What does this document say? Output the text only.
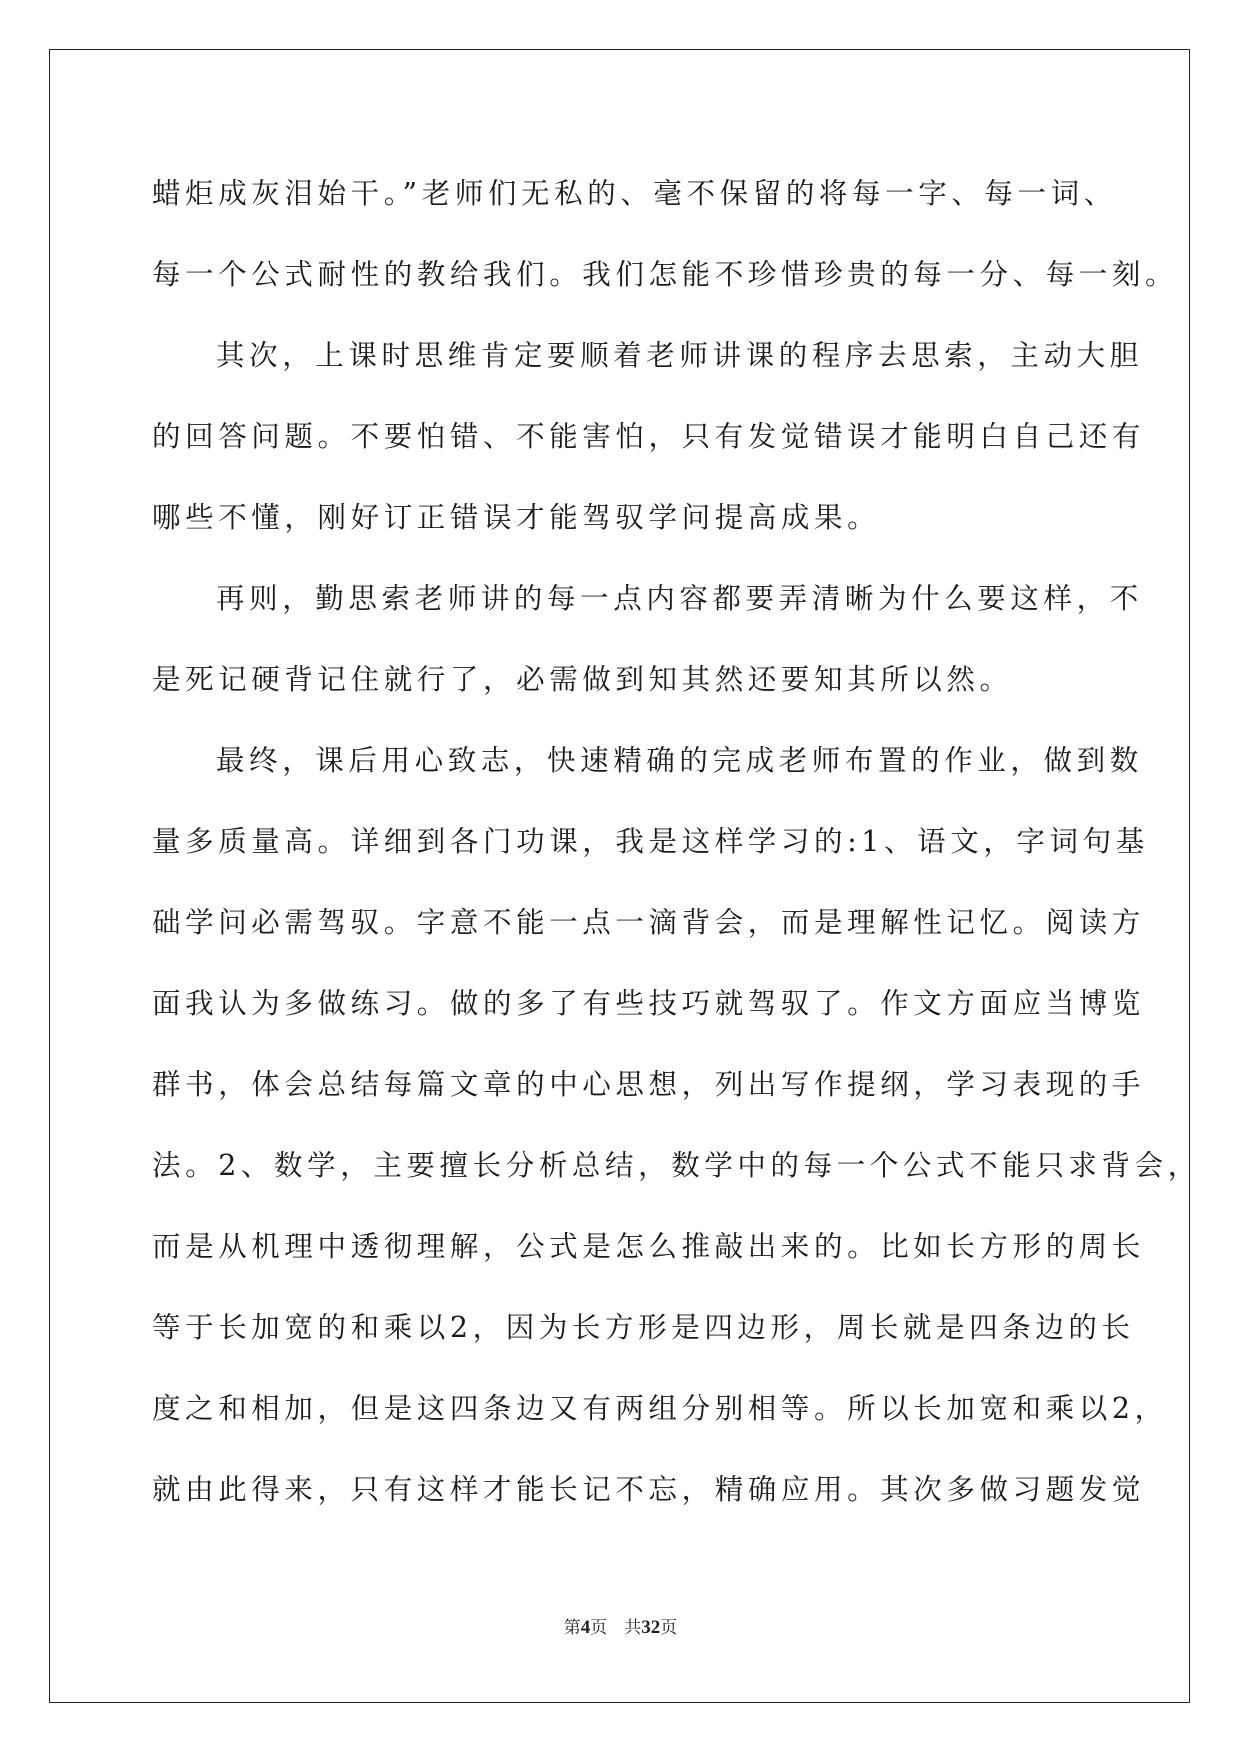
蜡炬成灰泪始干。”老师们无私的、毫不保留的将每一字、每一词、
每一个公式耐性的教给我们。我们怎能不珍惜珍贵的每一分、每一刻。
其次，上课时思维肯定要顺着老师讲课的程序去思索，主动大胆
的回答问题。不要怕错、不能害怕，只有发觉错误才能明白自己还有
哪些不懂，刚好订正错误才能驾驭学问提高成果。
再则，勤思索老师讲的每一点内容都要弄清晰为什么要这样，不
是死记硬背记住就行了，必需做到知其然还要知其所以然。
最终，课后用心致志，快速精确的完成老师布置的作业，做到数
量多质量高。详细到各门功课，我是这样学习的:1、语文，字词句基
础学问必需驾驭。字意不能一点一滴背会，而是理解性记忆。阅读方
面我认为多做练习。做的多了有些技巧就驾驭了。作文方面应当博览
群书，体会总结每篇文章的中心思想，列出写作提纲，学习表现的手
法。2、数学，主要擅长分析总结，数学中的每一个公式不能只求背会，
而是从机理中透彻理解，公式是怎么推敲出来的。比如长方形的周长
等于长加宽的和乘以2，因为长方形是四边形，周长就是四条边的长
度之和相加，但是这四条边又有两组分别相等。所以长加宽和乘以2，
就由此得来，只有这样才能长记不忘，精确应用。其次多做习题发觉
第4页　共32页
